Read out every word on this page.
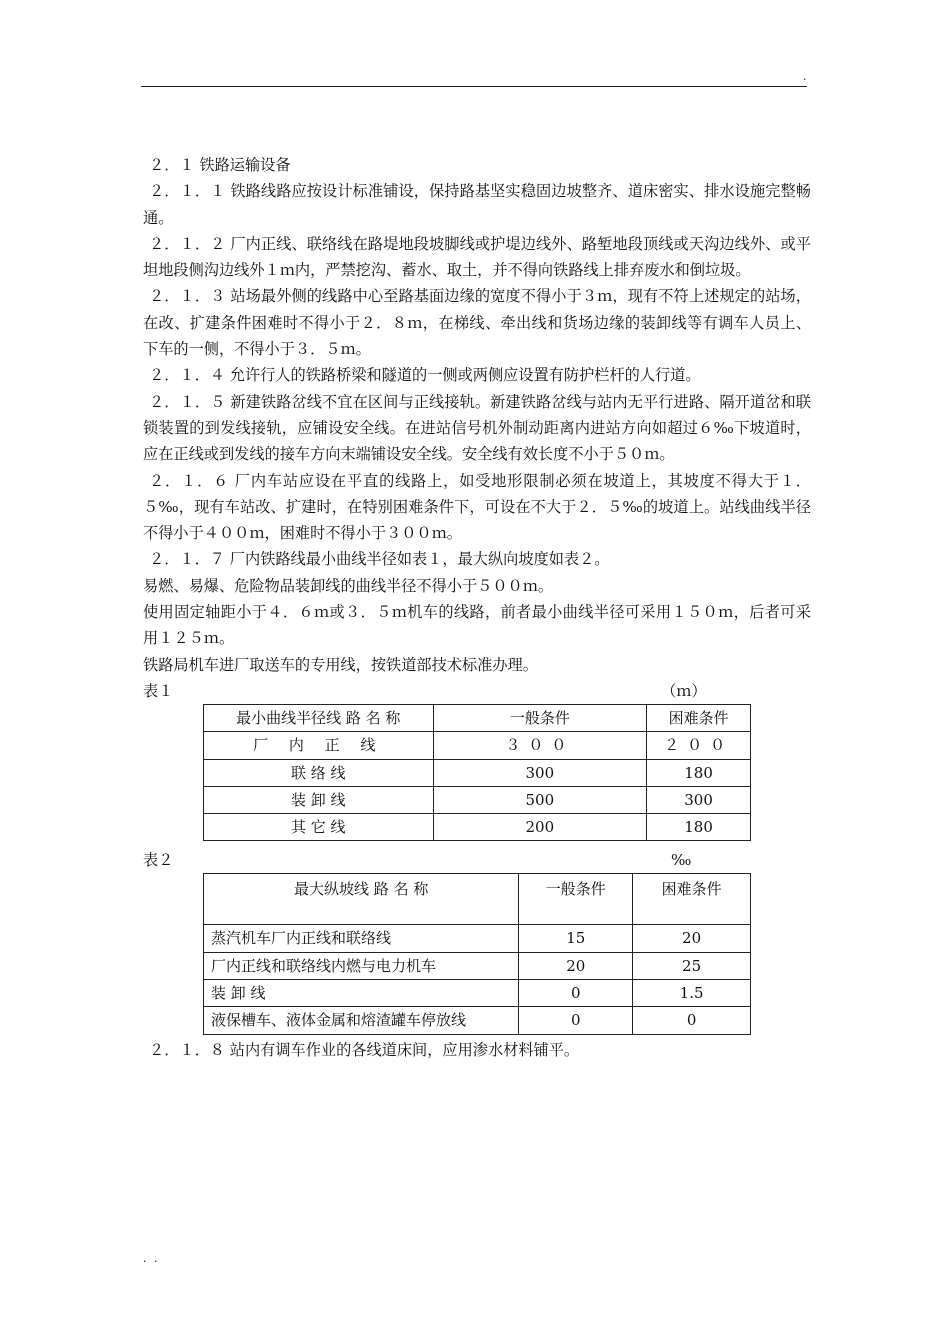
.

２．１ 铁路运输设备

２．１．１ 铁路线路应按设计标准铺设，保持路基坚实稳固边坡整齐、道床密实、排水设施完整畅通。

２．１．２ 厂内正线、联络线在路堤地段坡脚线或护堤边线外、路堑地段顶线或天沟边线外、或平坦地段侧沟边线外１ｍ内，严禁挖沟、蓄水、取土，并不得向铁路线上排弃废水和倒垃圾。

２．１．３ 站场最外侧的线路中心至路基面边缘的宽度不得小于３ｍ，现有不符上述规定的站场，在改、扩建条件困难时不得小于２．８ｍ，在梯线、牵出线和货场边缘的装卸线等有调车人员上、下车的一侧，不得小于３．５ｍ。

２．１．４ 允许行人的铁路桥梁和隧道的一侧或两侧应设置有防护栏杆的人行道。

２．１．５ 新建铁路岔线不宜在区间与正线接轨。新建铁路岔线与站内无平行进路、隔开道岔和联锁装置的到发线接轨，应铺设安全线。在进站信号机外制动距离内进站方向如超过６‰下坡道时，应在正线或到发线的接车方向末端铺设安全线。安全线有效长度不小于５０ｍ。

２．１．６ 厂内车站应设在平直的线路上，如受地形限制必须在坡道上，其坡度不得大于１．５‰，现有车站改、扩建时，在特别困难条件下，可设在不大于２．５‰的坡道上。站线曲线半径不得小于４００ｍ，困难时不得小于３００ｍ。

２．１．７ 厂内铁路线最小曲线半径如表１，最大纵向坡度如表２。

易燃、易爆、危险物品装卸线的曲线半径不得小于５００ｍ。

使用固定轴距小于４．６ｍ或３．５ｍ机车的线路，前者最小曲线半径可采用１５０ｍ，后者可采用１２５ｍ。

铁路局机车进厂取送车的专用线，按铁道部技术标准办理。

表１	（ｍ）
最小曲线半径线 路 名 称	一般条件	困难条件
厂 内 正 线	３００	２００
联 络 线	300	180
装 卸 线	500	300
其 它 线	200	180
表２	‰
最大纵坡线 路 名 称	一般条件	困难条件
蒸汽机车厂内正线和联络线	15	20
厂内正线和联络线内燃与电力机车	20	25
装 卸 线	0	1.5
液保槽车、液体金属和熔渣罐车停放线	0	0

２．１．８ 站内有调车作业的各线道床间，应用渗水材料铺平。

. .
